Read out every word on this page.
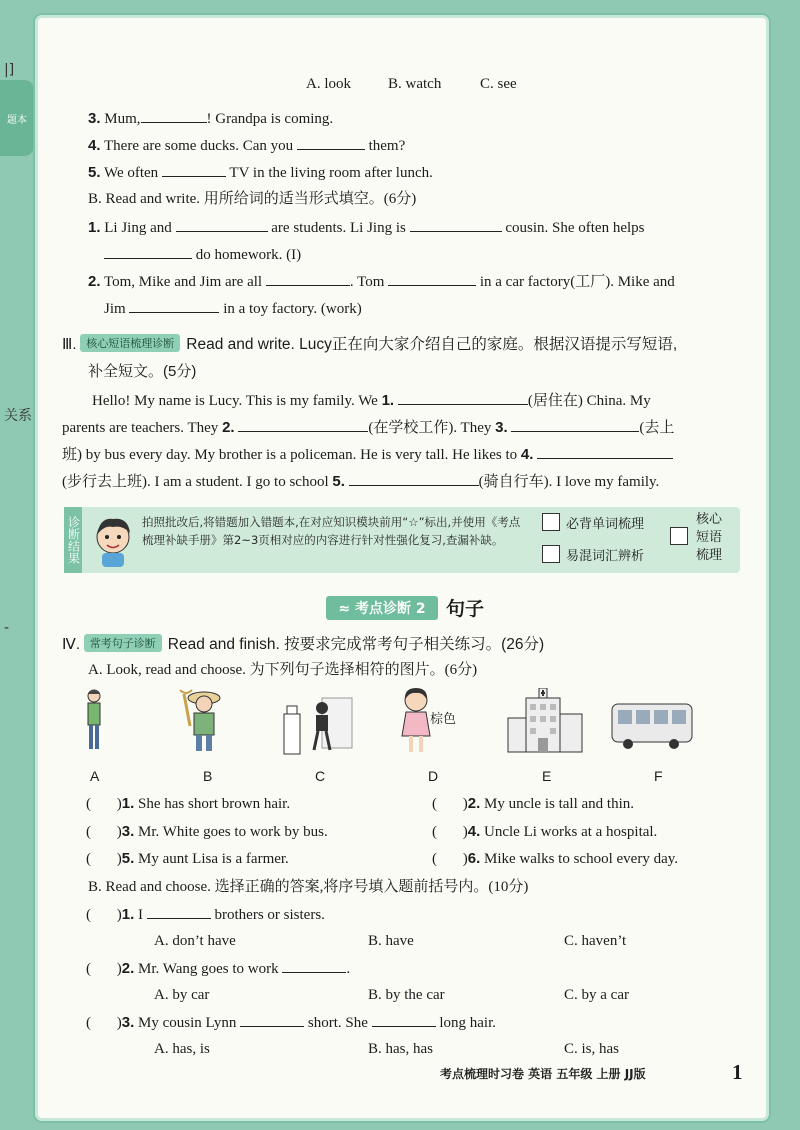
|]
题本
关系
-
A. look B. watch	C. see
3. Mum,	! Grandpa is coming.
4. There are some ducks. Can you	them?
5. We often	TV in the living room after lunch.
B. Read and write. 用所给词的适当形式填空。(6分)
1. Li Jing and	are students. Li Jing is	cousin. She often helps
do homework. (I)
2. Tom, Mike and Jim are all	. Tom	in a car factory(工厂). Mike and
Jim	in a toy factory. (work)
Ⅲ. 核心短语梳理诊断 Read and write. Lucy正在向大家介绍自己的家庭。根据汉语提示写短语,
补全短文。(5分)
Hello! My name is Lucy. This is my family. We 1.	(居住在) China. My
parents are teachers. They 2.	(在学校工作). They 3.	(去上
班) by bus every day. My brother is a policeman. He is very tall. He likes to 4.
(步行去上班). I am a student. I go to school 5.	(骑自行车). I love my family.
诊断结果	拍照批改后,将错题加入错题本,在对应知识模块前用“☆”标出,并使用《考点梳理补缺手册》第2~3页相对应的内容进行针对性强化复习,查漏补缺。
必背单词梳理
易混词汇辨析
核心
短语
梳理
≈ 考点诊断 2	句子
Ⅳ. 常考句子诊断 Read and finish. 按要求完成常考句子相关练习。(26分)
A. Look, read and choose. 为下列句子选择相符的图片。(6分)
棕色
A	B	C	D	E	F
( )1. She has short brown hair.	( )2. My uncle is tall and thin.
( )3. Mr. White goes to work by bus.	( )4. Uncle Li works at a hospital.
( )5. My aunt Lisa is a farmer.	( )6. Mike walks to school every day.
B. Read and choose. 选择正确的答案,将序号填入题前括号内。(10分)
( )1. I	brothers or sisters.
A. don’t have	B. have	C. haven’t
( )2. Mr. Wang goes to work	.
A. by car	B. by the car	C. by a car
( )3. My cousin Lynn	short. She	long hair.
A. has, is	B. has, has	C. is, has
考点梳理时习卷 英语 五年级 上册 JJ版	1
